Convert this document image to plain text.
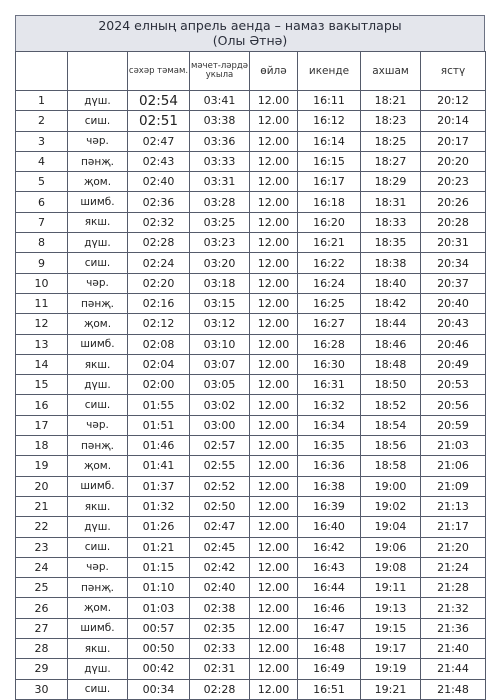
2024 елның апрель аенда – намаз вакытлары
(Олы Әтнә)
		сәхәр тәмам.	мәчет-ләрдә укыла	өйлә	икенде	ахшам	ястү
1	дүш.	02:54	03:41	12.00	16:11	18:21	20:12
2	сиш.	02:51	03:38	12.00	16:12	18:23	20:14
3	чәр.	02:47	03:36	12.00	16:14	18:25	20:17
4	пәнҗ.	02:43	03:33	12.00	16:15	18:27	20:20
5	җом.	02:40	03:31	12.00	16:17	18:29	20:23
6	шимб.	02:36	03:28	12.00	16:18	18:31	20:26
7	якш.	02:32	03:25	12.00	16:20	18:33	20:28
8	дүш.	02:28	03:23	12.00	16:21	18:35	20:31
9	сиш.	02:24	03:20	12.00	16:22	18:38	20:34
10	чәр.	02:20	03:18	12.00	16:24	18:40	20:37
11	пәнҗ.	02:16	03:15	12.00	16:25	18:42	20:40
12	җом.	02:12	03:12	12.00	16:27	18:44	20:43
13	шимб.	02:08	03:10	12.00	16:28	18:46	20:46
14	якш.	02:04	03:07	12.00	16:30	18:48	20:49
15	дүш.	02:00	03:05	12.00	16:31	18:50	20:53
16	сиш.	01:55	03:02	12.00	16:32	18:52	20:56
17	чәр.	01:51	03:00	12.00	16:34	18:54	20:59
18	пәнҗ.	01:46	02:57	12.00	16:35	18:56	21:03
19	җом.	01:41	02:55	12.00	16:36	18:58	21:06
20	шимб.	01:37	02:52	12.00	16:38	19:00	21:09
21	якш.	01:32	02:50	12.00	16:39	19:02	21:13
22	дүш.	01:26	02:47	12.00	16:40	19:04	21:17
23	сиш.	01:21	02:45	12.00	16:42	19:06	21:20
24	чәр.	01:15	02:42	12.00	16:43	19:08	21:24
25	пәнҗ.	01:10	02:40	12.00	16:44	19:11	21:28
26	җом.	01:03	02:38	12.00	16:46	19:13	21:32
27	шимб.	00:57	02:35	12.00	16:47	19:15	21:36
28	якш.	00:50	02:33	12.00	16:48	19:17	21:40
29	дүш.	00:42	02:31	12.00	16:49	19:19	21:44
30	сиш.	00:34	02:28	12.00	16:51	19:21	21:48
